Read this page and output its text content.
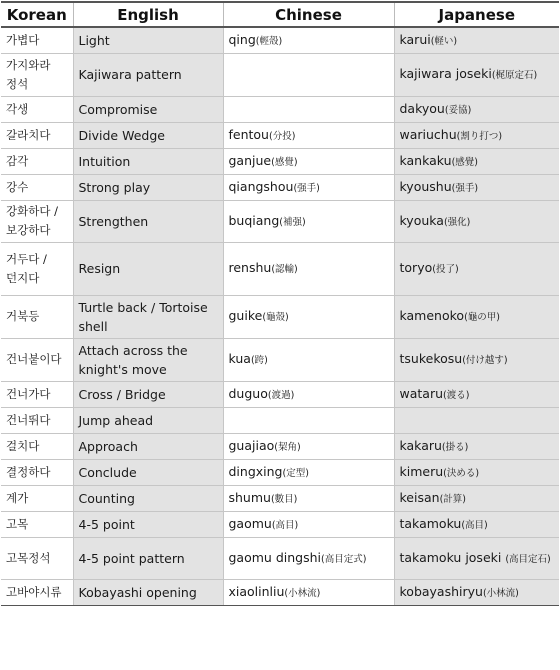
Korean	English	Chinese	Japanese
가볍다	Light	qing(輕殼)	karui(軽い)
가지와라 정석	Kajiwara pattern		kajiwara joseki(梶原定石)
각생	Compromise		dakyou(妥協)
갈라치다	Divide Wedge	fentou(分投)	wariuchu(割り打つ)
감각	Intuition	ganjue(感覺)	kankaku(感覺)
강수	Strong play	qiangshou(强手)	kyoushu(强手)
강화하다 / 보강하다	Strengthen	buqiang(補强)	kyouka(强化)
거두다 / 던지다	Resign	renshu(認輸)	toryo(投了)
거북등	Turtle back / Tortoise shell	guike(龜殼)	kamenoko(龜の甲)
건너붙이다	Attach across the knight's move	kua(跨)	tsukekosu(付け越す)
건너가다	Cross / Bridge	duguo(渡過)	wataru(渡る)
건너뛰다	Jump ahead		
걸치다	Approach	guajiao(栔角)	kakaru(掛る)
결정하다	Conclude	dingxing(定型)	kimeru(決める)
계가	Counting	shumu(數目)	keisan(計算)
고목	4-5 point	gaomu(高目)	takamoku(高目)
고목정석	4-5 point pattern	gaomu dingshi(高目定式)	takamoku joseki (高目定石)
고바야시류	Kobayashi opening	xiaolinliu(小林流)	kobayashiryu(小林流)
